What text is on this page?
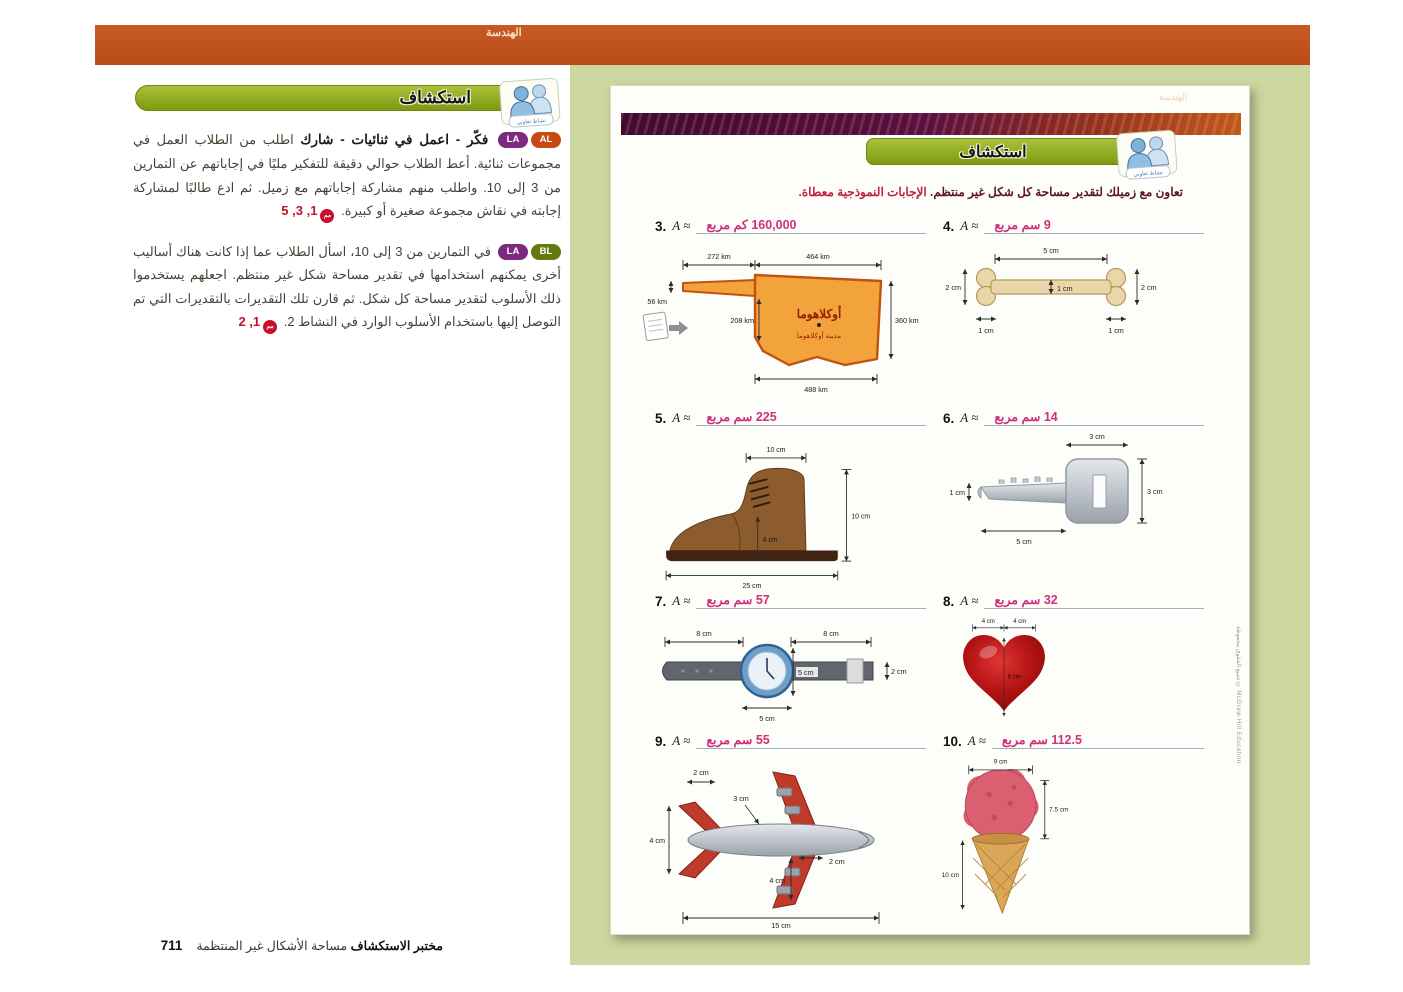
الهندسة
استكشاف
نشاط تعاوني

ALLA فكّر - اعمل في ثنائيات - شارك اطلب من الطلاب العمل في مجموعات ثنائية. أعط الطلاب حوالي دقيقة للتفكير مليًا في إجاباتهم عن التمارين من 3 إلى 10. واطلب منهم مشاركة إجاباتهم مع زميل. ثم ادع طالبًا لمشاركة إجابته في نقاش مجموعة صغيرة أو كبيرة. مم1, 3, 5

BLLA في التمارين من 3 إلى 10، اسأل الطلاب عما إذا كانت هناك أساليب أخرى يمكنهم استخدامها في تقدير مساحة شكل غير منتظم. اجعلهم يستخدموا ذلك الأسلوب لتقدير مساحة كل شكل. ثم قارن تلك التقديرات بالتقديرات التي تم التوصل إليها باستخدام الأسلوب الوارد في النشاط 2. مم1, 2

الهندسة
استكشاف
نشاط تعاوني

تعاون مع زميلك لتقدير مساحة كل شكل غير منتظم. الإجابات النموذجية معطاة.

3. A ≈	160,000 كم مربع
أوكلاهوما
مدينة أوكلاهوما
272 km	464 km
56 km
208 km	360 km
488 km
4. A ≈	9 سم مربع
5 cm
2 cm	2 cm
1 cm
1 cm	1 cm
5. A ≈	225 سم مربع
10 cm
10 cm
4 cm
25 cm
6. A ≈	14 سم مربع
3 cm
3 cm
1 cm
5 cm
7. A ≈	57 سم مربع
8 cm	8 cm
5 cm
5 cm
2 cm
8. A ≈	32 سم مربع
4 cm 4 cm
8 cm
9. A ≈	55 سم مربع
2 cm
3 cm
4 cm
4 cm
2 cm
15 cm
10. A ≈	112.5 سم مربع
9 cm
7.5 cm
10 cm
جميع الحقوق محفوظة © McGraw-Hill Education
مختبر الاستكشاف مساحة الأشكال غير المنتظمة711
